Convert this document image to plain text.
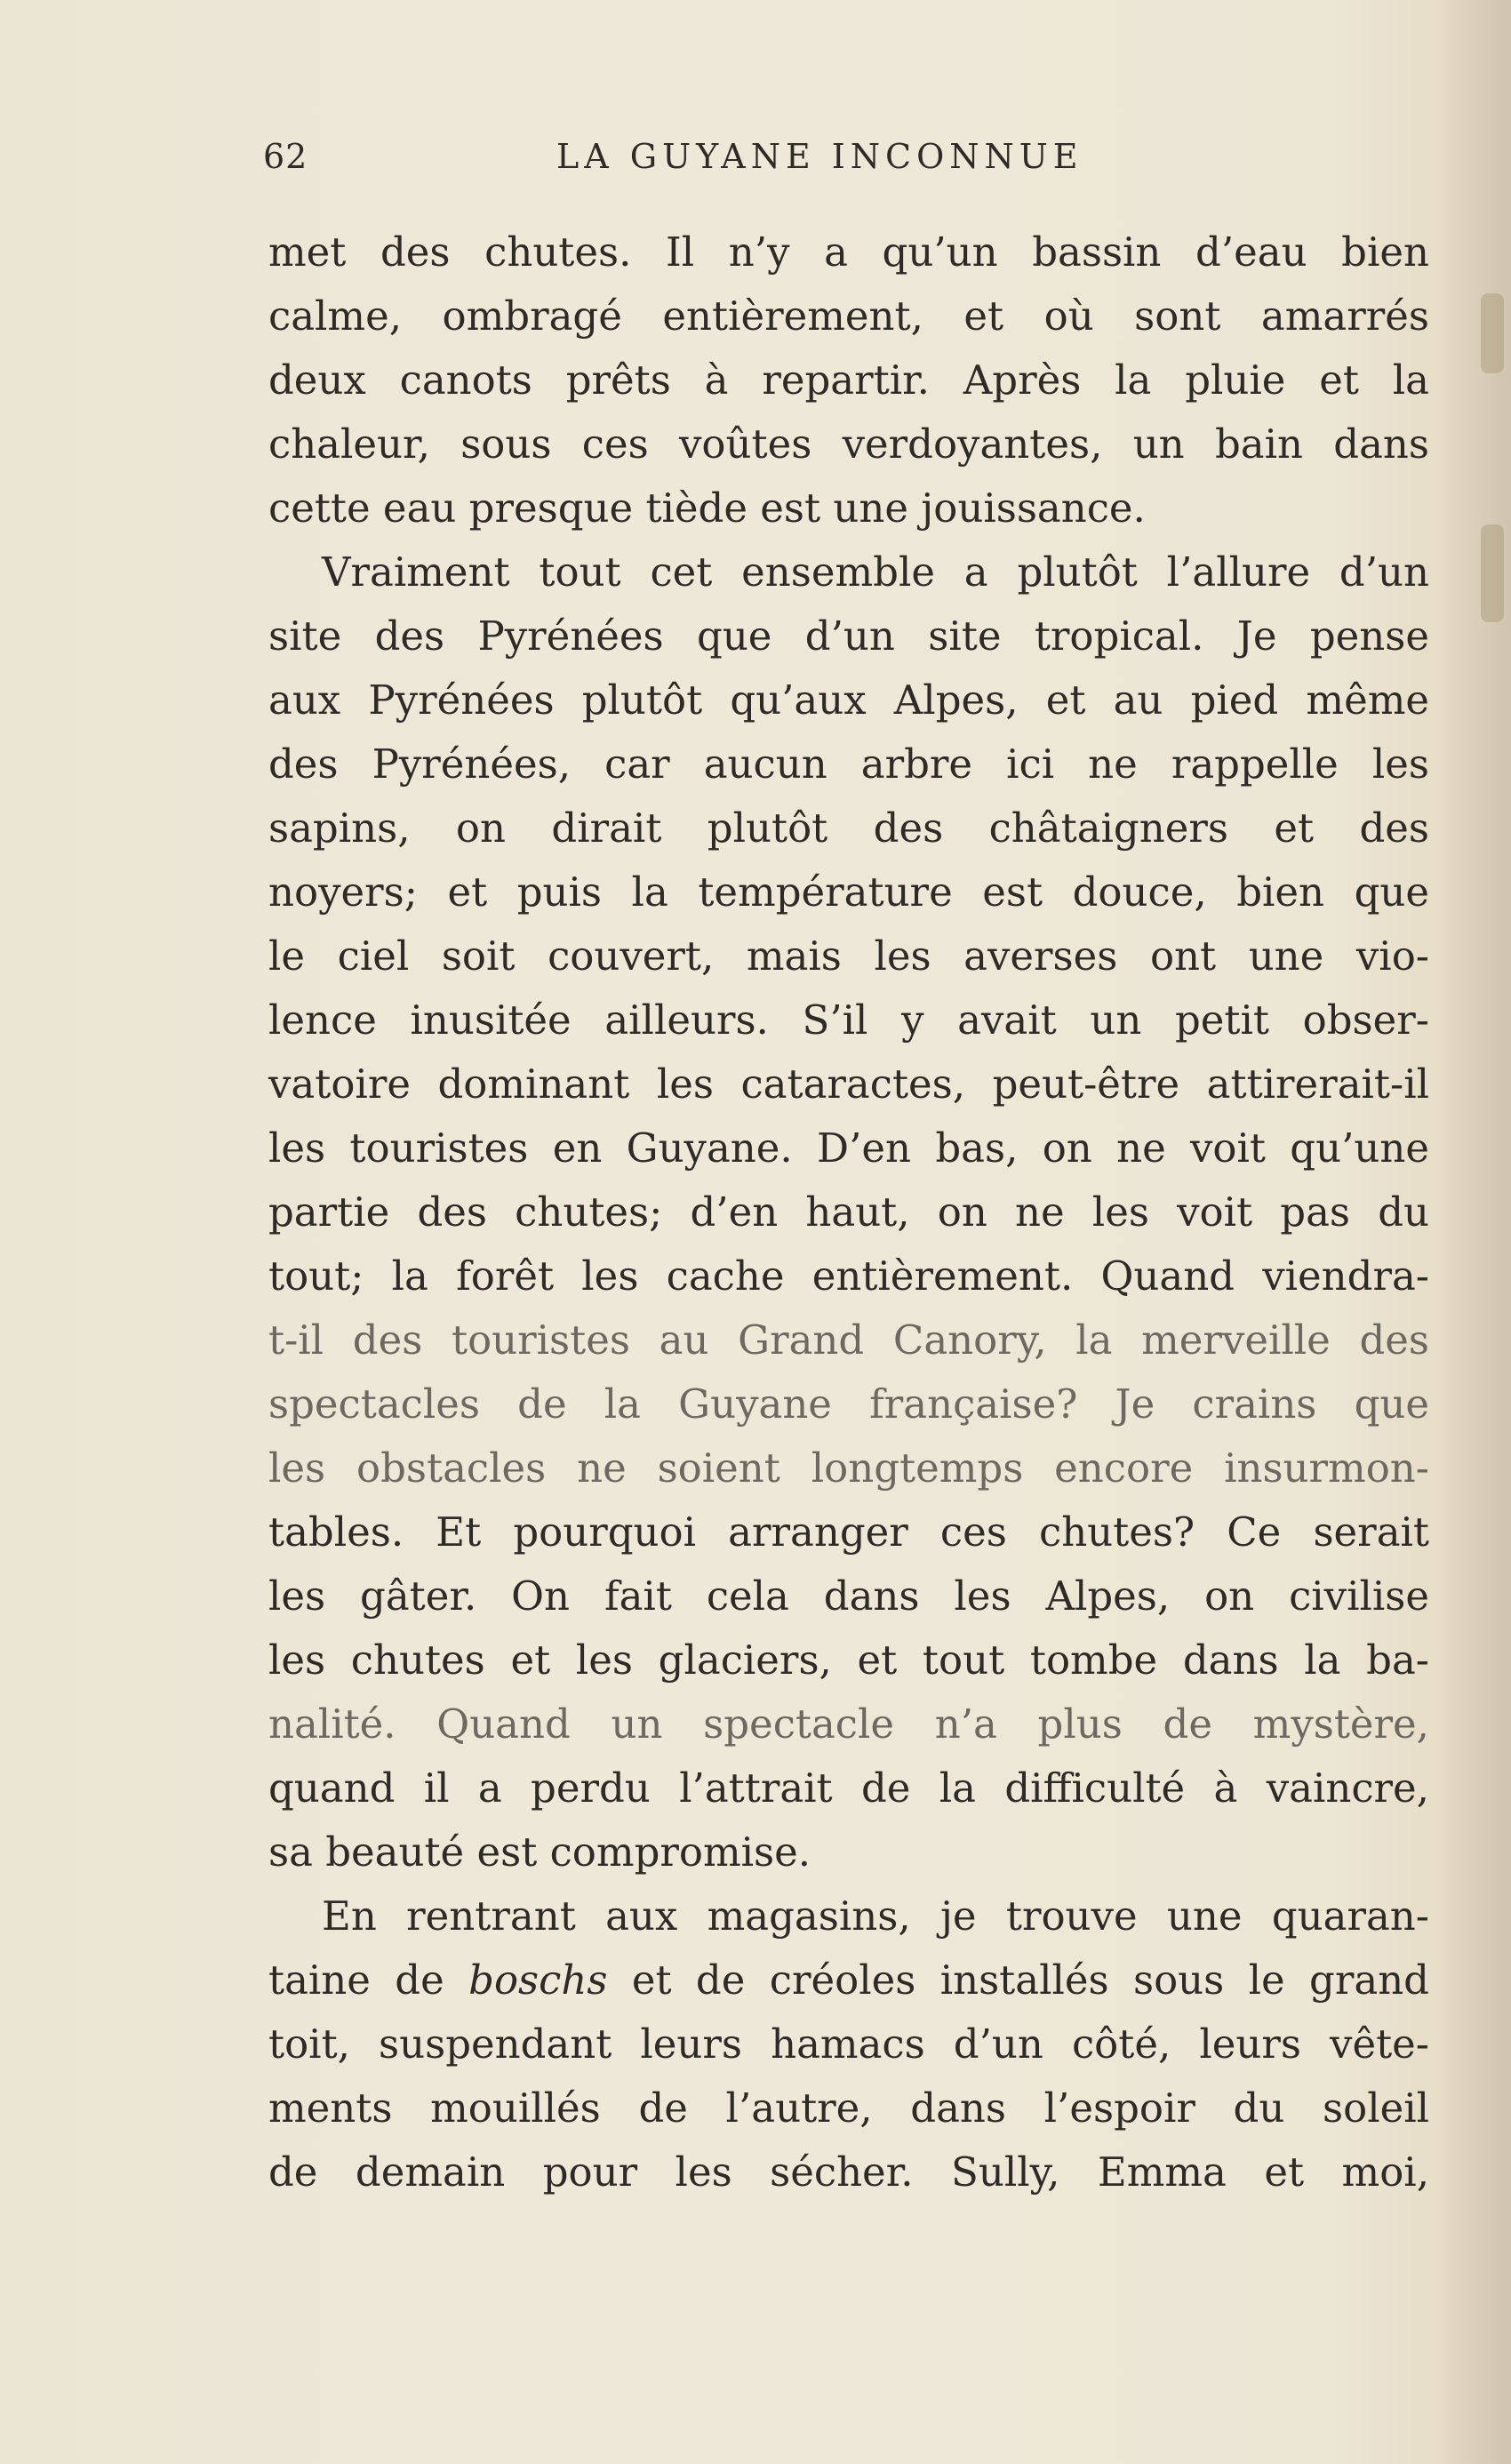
62	LA GUYANE INCONNUE
met des chutes. Il n’y a qu’un bassin d’eau bien
calme, ombragé entièrement, et où sont amarrés
deux canots prêts à repartir. Après la pluie et la
chaleur, sous ces voûtes verdoyantes, un bain dans
cette eau presque tiède est une jouissance.
Vraiment tout cet ensemble a plutôt l’allure d’un
site des Pyrénées que d’un site tropical. Je pense
aux Pyrénées plutôt qu’aux Alpes, et au pied même
des Pyrénées, car aucun arbre ici ne rappelle les
sapins, on dirait plutôt des châtaigners et des
noyers; et puis la température est douce, bien que
le ciel soit couvert, mais les averses ont une vio-
lence inusitée ailleurs. S’il y avait un petit obser-
vatoire dominant les cataractes, peut-être attirerait-il
les touristes en Guyane. D’en bas, on ne voit qu’une
partie des chutes; d’en haut, on ne les voit pas du
tout; la forêt les cache entièrement. Quand viendra-
t-il des touristes au Grand Canory, la merveille des
spectacles de la Guyane française? Je crains que
les obstacles ne soient longtemps encore insurmon-
tables. Et pourquoi arranger ces chutes? Ce serait
les gâter. On fait cela dans les Alpes, on civilise
les chutes et les glaciers, et tout tombe dans la ba-
nalité. Quand un spectacle n’a plus de mystère,
quand il a perdu l’attrait de la difficulté à vaincre,
sa beauté est compromise.
En rentrant aux magasins, je trouve une quaran-
taine de boschs et de créoles installés sous le grand
toit, suspendant leurs hamacs d’un côté, leurs vête-
ments mouillés de l’autre, dans l’espoir du soleil
de demain pour les sécher. Sully, Emma et moi,
